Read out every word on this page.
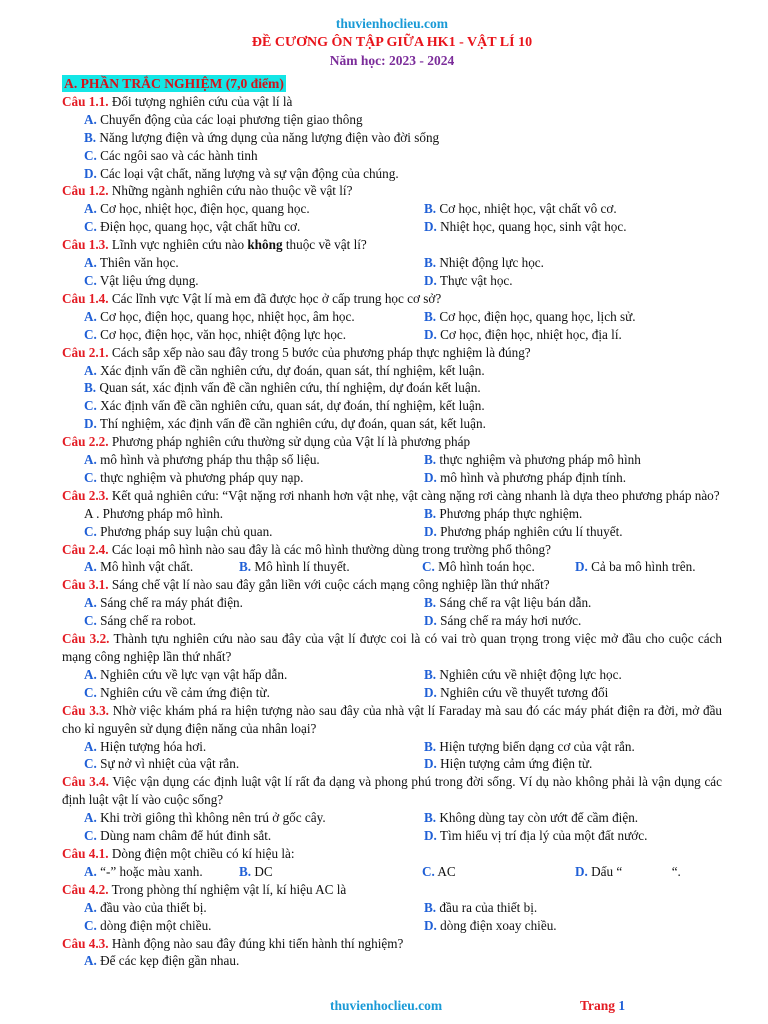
thuvienhoclieu.com
ĐỀ CƯƠNG ÔN TẬP GIỮA HK1 - VẬT LÍ 10
Năm học: 2023 - 2024
A. PHẦN TRẮC NGHIỆM (7,0 điểm)
Câu 1.1. Đối tượng nghiên cứu của vật lí là
A. Chuyển động của các loại phương tiện giao thông
B. Năng lượng điện và ứng dụng của năng lượng điện vào đời sống
C. Các ngôi sao và các hành tinh
D. Các loại vật chất, năng lượng và sự vận động của chúng.
Câu 1.2. Những ngành nghiên cứu nào thuộc về vật lí?
A. Cơ học, nhiệt học, điện học, quang học.	B. Cơ học, nhiệt học, vật chất vô cơ.
C. Điện học, quang học, vật chất hữu cơ.	D. Nhiệt học, quang học, sinh vật học.
Câu 1.3. Lĩnh vực nghiên cứu nào không thuộc về vật lí?
A. Thiên văn học.	B. Nhiệt động lực học.
C. Vật liệu ứng dụng.	D. Thực vật học.
Câu 1.4. Các lĩnh vực Vật lí mà em đã được học ở cấp trung học cơ sở?
A. Cơ học, điện học, quang học, nhiệt học, âm học.	B. Cơ học, điện học, quang học, lịch sử.
C. Cơ học, điện học, văn học, nhiệt động lực học.	D. Cơ học, điện học, nhiệt học, địa lí.
Câu 2.1. Cách sắp xếp nào sau đây trong 5 bước của phương pháp thực nghiệm là đúng?
A. Xác định vấn đề cần nghiên cứu, dự đoán, quan sát, thí nghiệm, kết luận.
B. Quan sát, xác định vấn đề cần nghiên cứu, thí nghiệm, dự đoán kết luận.
C. Xác định vấn đề cần nghiên cứu, quan sát, dự đoán, thí nghiệm, kết luận.
D. Thí nghiệm, xác định vấn đề cần nghiên cứu, dự đoán, quan sát, kết luận.
Câu 2.2. Phương pháp nghiên cứu thường sử dụng của Vật lí là phương pháp
A. mô hình và phương pháp thu thập số liệu.	B. thực nghiệm và phương pháp mô hình
C. thực nghiệm và phương pháp quy nạp.	D. mô hình và phương pháp định tính.
Câu 2.3. Kết quả nghiên cứu: “Vật nặng rơi nhanh hơn vật nhẹ, vật càng nặng rơi càng nhanh là dựa theo phương pháp nào?
A . Phương pháp mô hình.	B. Phương pháp thực nghiệm.
C. Phương pháp suy luận chủ quan.	D. Phương pháp nghiên cứu lí thuyết.
Câu 2.4. Các loại mô hình nào sau đây là các mô hình thường dùng trong trường phổ thông?
A. Mô hình vật chất.	B. Mô hình lí thuyết.	C. Mô hình toán học.	D. Cả ba mô hình trên.
Câu 3.1. Sáng chế vật lí nào sau đây gắn liền với cuộc cách mạng công nghiệp lần thứ nhất?
A. Sáng chế ra máy phát điện.	B. Sáng chế ra vật liệu bán dẫn.
C. Sáng chế ra robot.	D. Sáng chế ra máy hơi nước.
Câu 3.2. Thành tựu nghiên cứu nào sau đây của vật lí được coi là có vai trò quan trọng trong việc mở đầu cho cuộc cách mạng công nghiệp lần thứ nhất?
A. Nghiên cứu về lực vạn vật hấp dẫn.	B. Nghiên cứu về nhiệt động lực học.
C. Nghiên cứu về cảm ứng điện từ.	D. Nghiên cứu về thuyết tương đối
Câu 3.3. Nhờ việc khám phá ra hiện tượng nào sau đây của nhà vật lí Faraday mà sau đó các máy phát điện ra đời, mở đầu cho kỉ nguyên sử dụng điện năng của nhân loại?
A. Hiện tượng hóa hơi.	B. Hiện tượng biến dạng cơ của vật rắn.
C. Sự nở vì nhiệt của vật rắn.	D. Hiện tượng cảm ứng điện từ.
Câu 3.4. Việc vận dụng các định luật vật lí rất đa dạng và phong phú trong đời sống. Ví dụ nào không phải là vận dụng các định luật vật lí vào cuộc sống?
A. Khi trời giông thì không nên trú ở gốc cây.	B. Không dùng tay còn ướt để cầm điện.
C. Dùng nam châm để hút đinh sắt.	D. Tìm hiểu vị trí địa lý của một đất nước.
Câu 4.1. Dòng điện một chiều có kí hiệu là:
A. “-” hoặc màu xanh.	B. DC	C. AC	D. Dấu “               “.
Câu 4.2. Trong phòng thí nghiệm vật lí, kí hiệu AC là
A. đầu vào của thiết bị.	B. đầu ra của thiết bị.
C. dòng điện một chiều.	D. dòng điện xoay chiều.
Câu 4.3. Hành động nào sau đây đúng khi tiến hành thí nghiệm?
A. Để các kẹp điện gần nhau.
thuvienhoclieu.com	Trang 1
